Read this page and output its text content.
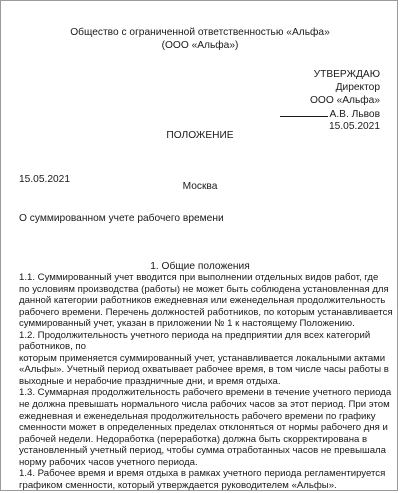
Общество с ограниченной ответственностью «Альфа»
(ООО «Альфа»)
УТВЕРЖДАЮ
Директор
ООО «Альфа»
А.В. Львов
15.05.2021
ПОЛОЖЕНИЕ
15.05.2021
Москва
О суммированном учете рабочего времени
1. Общие положения
1.1. Суммированный учет вводится при выполнении отдельных видов работ, где
по условиям производства (работы) не может быть соблюдена установленная для
данной категории работников ежедневная или еженедельная продолжительность
рабочего времени. Перечень должностей работников, по которым устанавливается
суммированный учет, указан в приложении № 1 к настоящему Положению.
1.2. Продолжительность учетного периода на предприятии для всех категорий
работников, по
которым применяется суммированный учет, устанавливается локальными актами
«Альфы». Учетный период охватывает рабочее время, в том числе часы работы в
выходные и нерабочие праздничные дни, и время отдыха.
1.3. Суммарная продолжительность рабочего времени в течение учетного периода
не должна превышать нормального числа рабочих часов за этот период. При этом
ежедневная и еженедельная продолжительность рабочего времени по графику
сменности может в определенных пределах отклоняться от нормы рабочего дня и
рабочей недели. Недоработка (переработка) должна быть скорректирована в
установленный учетный период, чтобы сумма отработанных часов не превышала
норму рабочих часов учетного периода.
1.4. Рабочее время и время отдыха в рамках учетного периода регламентируется
графиком сменности, который утверждается руководителем «Альфы».
